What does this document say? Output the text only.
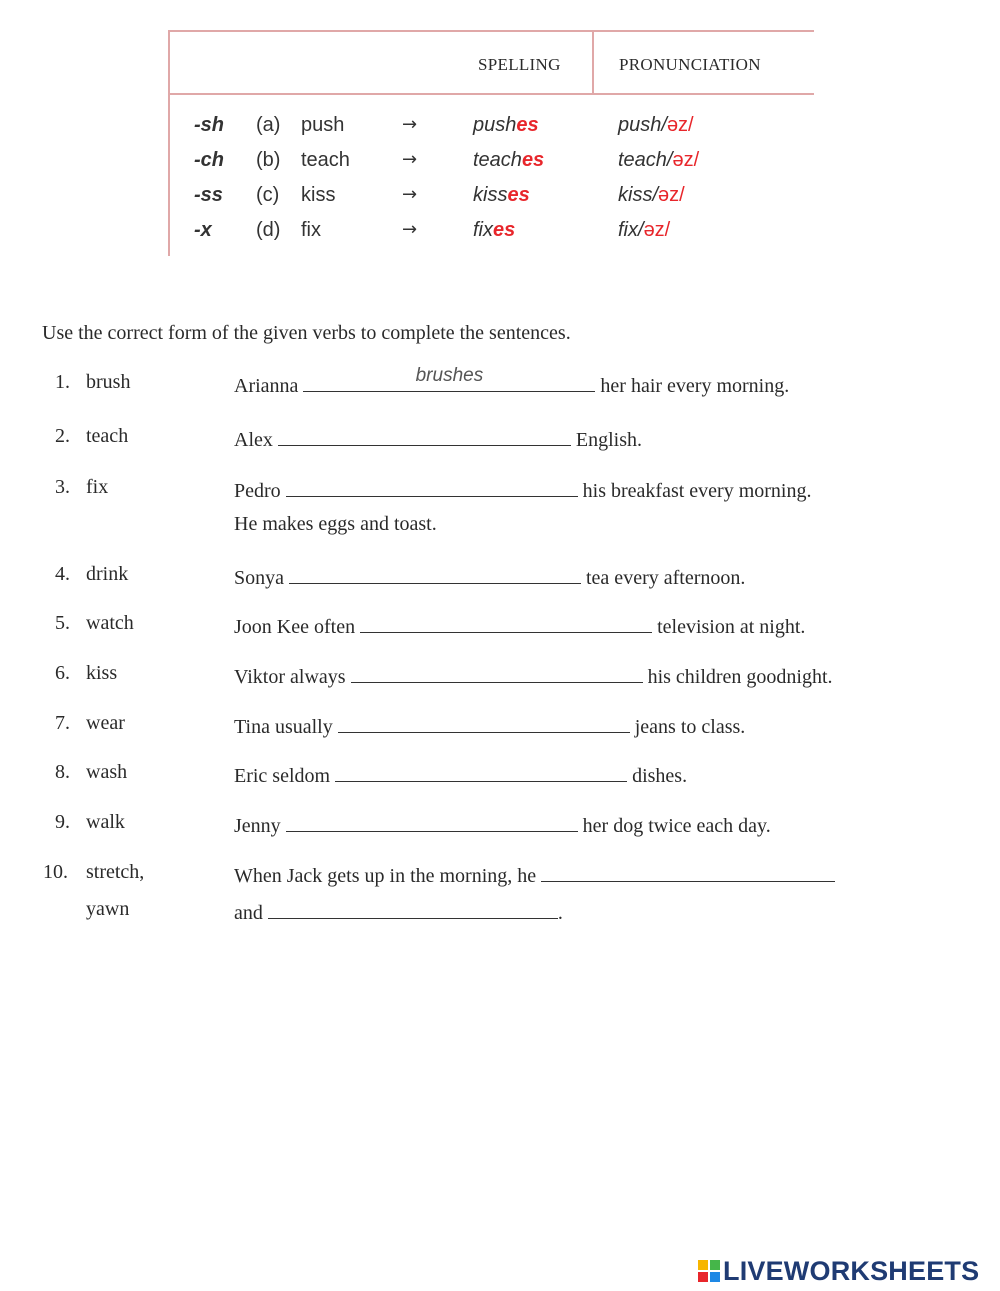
SPELLING	PRONUNCIATION
-sh (a) push	→	pushes	push/əz/
-ch (b) teach	→	teaches	teach/əz/
-ss (c) kiss	→	kisses	kiss/əz/
-x (d) fix	→	fixes	fix/əz/
Use the correct form of the given verbs to complete the sentences.
1. brush	Arianna	brushes	her hair every morning.
2. teach	Alex	English.
3. fix	Pedro	his breakfast every morning.
He makes eggs and toast.
4. drink	Sonya	tea every afternoon.
5. watch	Joon Kee often	television at night.
6. kiss	Viktor always	his children goodnight.
7. wear	Tina usually	jeans to class.
8. wash	Eric seldom	dishes.
9. walk	Jenny	her dog twice each day.
10. stretch,
yawn
When Jack gets up in the morning, he
and	.
LIVEWORKSHEETS
